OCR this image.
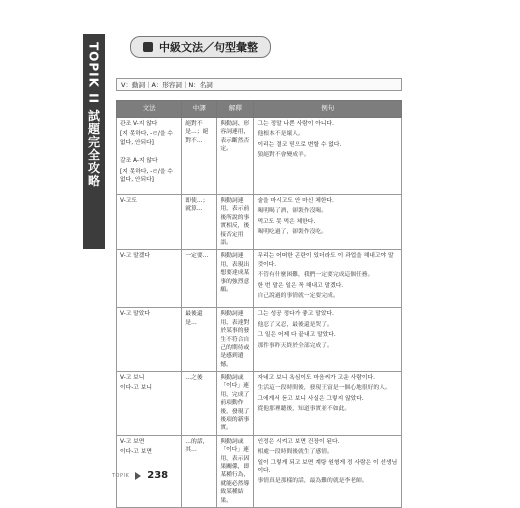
TOPIK II 試題完全攻略	中級文法／句型彙整
V：動詞｜A：形容詞｜N：名詞
文法	中譯	解釋	例句

관조 V-지 않다
[지 못하다, -ㄹ/을 수 없다, 안되다]
갈조 A-지 않다
[지 못하다, -ㄹ/을 수 없다, 안되다]	絕對不是…；絕對不…	與動詞、形容詞連用，表示斷然否定。	그는 정말 나쁜 사람이 아니다.
他根本不是壞人。
이리는 결코 믿으로 변할 수 없다.
狼絕對不會變成羊。

V-고도	即使…；就算…	與動詞連用，表示前後所說的事實相反，後接否定用語。	술을 마시고도 안 마신 체한다.
喝明喝了酒，卻裝作沒喝。
먹고도 못 먹은 체한다.
喝明吃過了，卻裝作沒吃。

V-고 말겠다	一定要…	與動詞連用，表現出想要達成某事的強烈意願。	무리는 어떠한 곤란이 있더라도 이 과업을 해내고야 말 것이다.
不管有什麼困難，我們一定要完成這個任務。
한 번 말은 일은 꼭 해내고 말겠다.
自己說過的事情就一定要完成。

V-고 말았다	最後還是…	與動詞連用，表達對於某事的發生不符合自己的期待或是感到遺憾。	그는 성공 정다가 좋고 말았다.
他忍了又忍，最後還是哭了。
그 일은 어제 다 끝내고 말았다.
那件事昨天終於全部完成了。

V-고 보니
이다-고 보니	…之後	與動詞或「이다」連用，完成了前項動作後，發現了後項的新事實。	자네고 보니 욕심이도 마음씨가 고운 사람이다.
生活這一段時間後，發現王富是一個心地很好的人。
그에게서 듣고 보니 사실은 그렇지 않았다.
從他那裡聽後，知道事實並不如此。

V-고 보면
이다-고 보면	…的話，其…	與動詞或「이다」連用，表示因果關係，即某種行為，就能必然導致某種結果。	인정은 시켜고 보면 건장이 된다.
相處一段時間後就生了感情。
일이 그렇게 되고 보면 계탕 원형게 정 사람은 이 선생님이다.
事情真是那樣的話，最為難的就是李老師。
TOPIK 238
